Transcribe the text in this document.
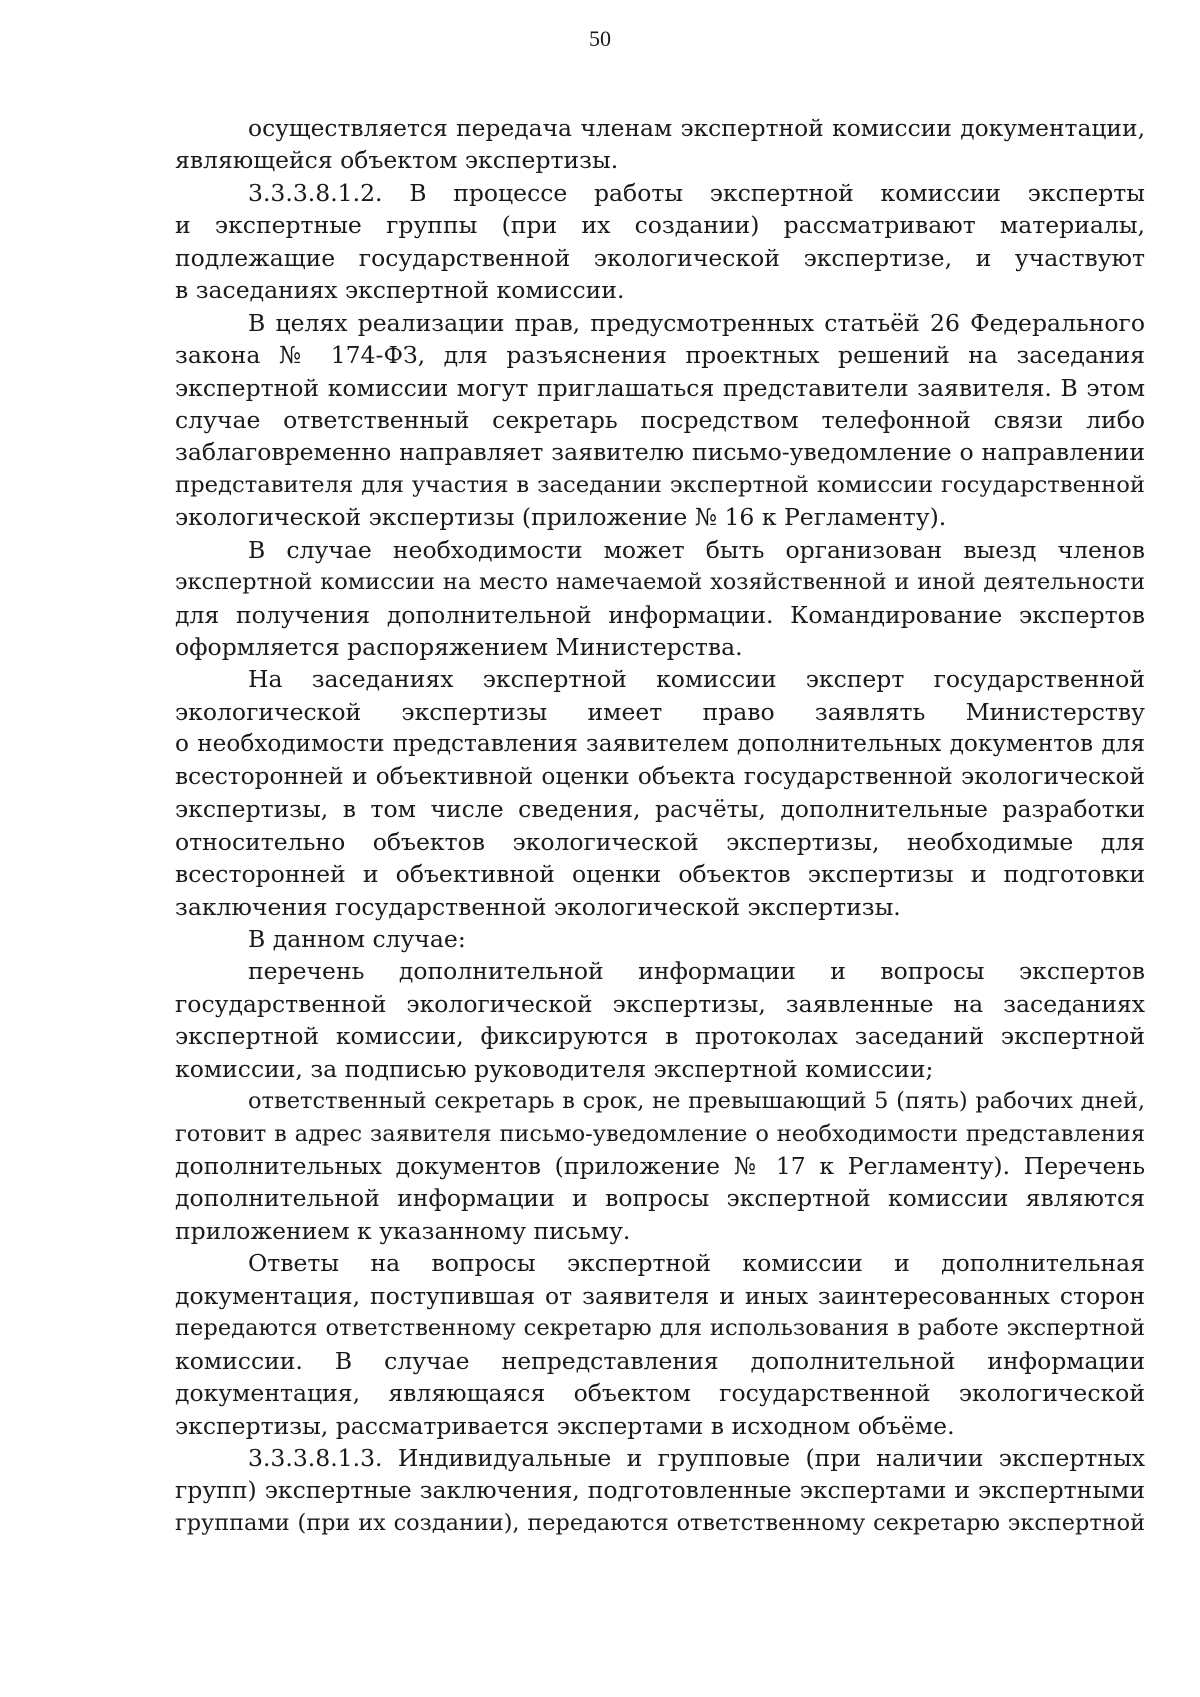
50
осуществляется передача членам экспертной комиссии документации,
являющейся объектом экспертизы.
3.3.3.8.1.2. В процессе работы экспертной комиссии эксперты
и экспертные группы (при их создании) рассматривают материалы,
подлежащие государственной экологической экспертизе, и участвуют
в заседаниях экспертной комиссии.
В целях реализации прав, предусмотренных статьёй 26 Федерального
закона № 174-ФЗ, для разъяснения проектных решений на заседания
экспертной комиссии могут приглашаться представители заявителя. В этом
случае ответственный секретарь посредством телефонной связи либо
заблаговременно направляет заявителю письмо-уведомление о направлении
представителя для участия в заседании экспертной комиссии государственной
экологической экспертизы (приложение № 16 к Регламенту).
В случае необходимости может быть организован выезд членов
экспертной комиссии на место намечаемой хозяйственной и иной деятельности
для получения дополнительной информации. Командирование экспертов
оформляется распоряжением Министерства.
На заседаниях экспертной комиссии эксперт государственной
экологической экспертизы имеет право заявлять Министерству
о необходимости представления заявителем дополнительных документов для
всесторонней и объективной оценки объекта государственной экологической
экспертизы, в том числе сведения, расчёты, дополнительные разработки
относительно объектов экологической экспертизы, необходимые для
всесторонней и объективной оценки объектов экспертизы и подготовки
заключения государственной экологической экспертизы.
В данном случае:
перечень дополнительной информации и вопросы экспертов
государственной экологической экспертизы, заявленные на заседаниях
экспертной комиссии, фиксируются в протоколах заседаний экспертной
комиссии, за подписью руководителя экспертной комиссии;
ответственный секретарь в срок, не превышающий 5 (пять) рабочих дней,
готовит в адрес заявителя письмо-уведомление о необходимости представления
дополнительных документов (приложение № 17 к Регламенту). Перечень
дополнительной информации и вопросы экспертной комиссии являются
приложением к указанному письму.
Ответы на вопросы экспертной комиссии и дополнительная
документация, поступившая от заявителя и иных заинтересованных сторон
передаются ответственному секретарю для использования в работе экспертной
комиссии. В случае непредставления дополнительной информации
документация, являющаяся объектом государственной экологической
экспертизы, рассматривается экспертами в исходном объёме.
3.3.3.8.1.3. Индивидуальные и групповые (при наличии экспертных
групп) экспертные заключения, подготовленные экспертами и экспертными
группами (при их создании), передаются ответственному секретарю экспертной
